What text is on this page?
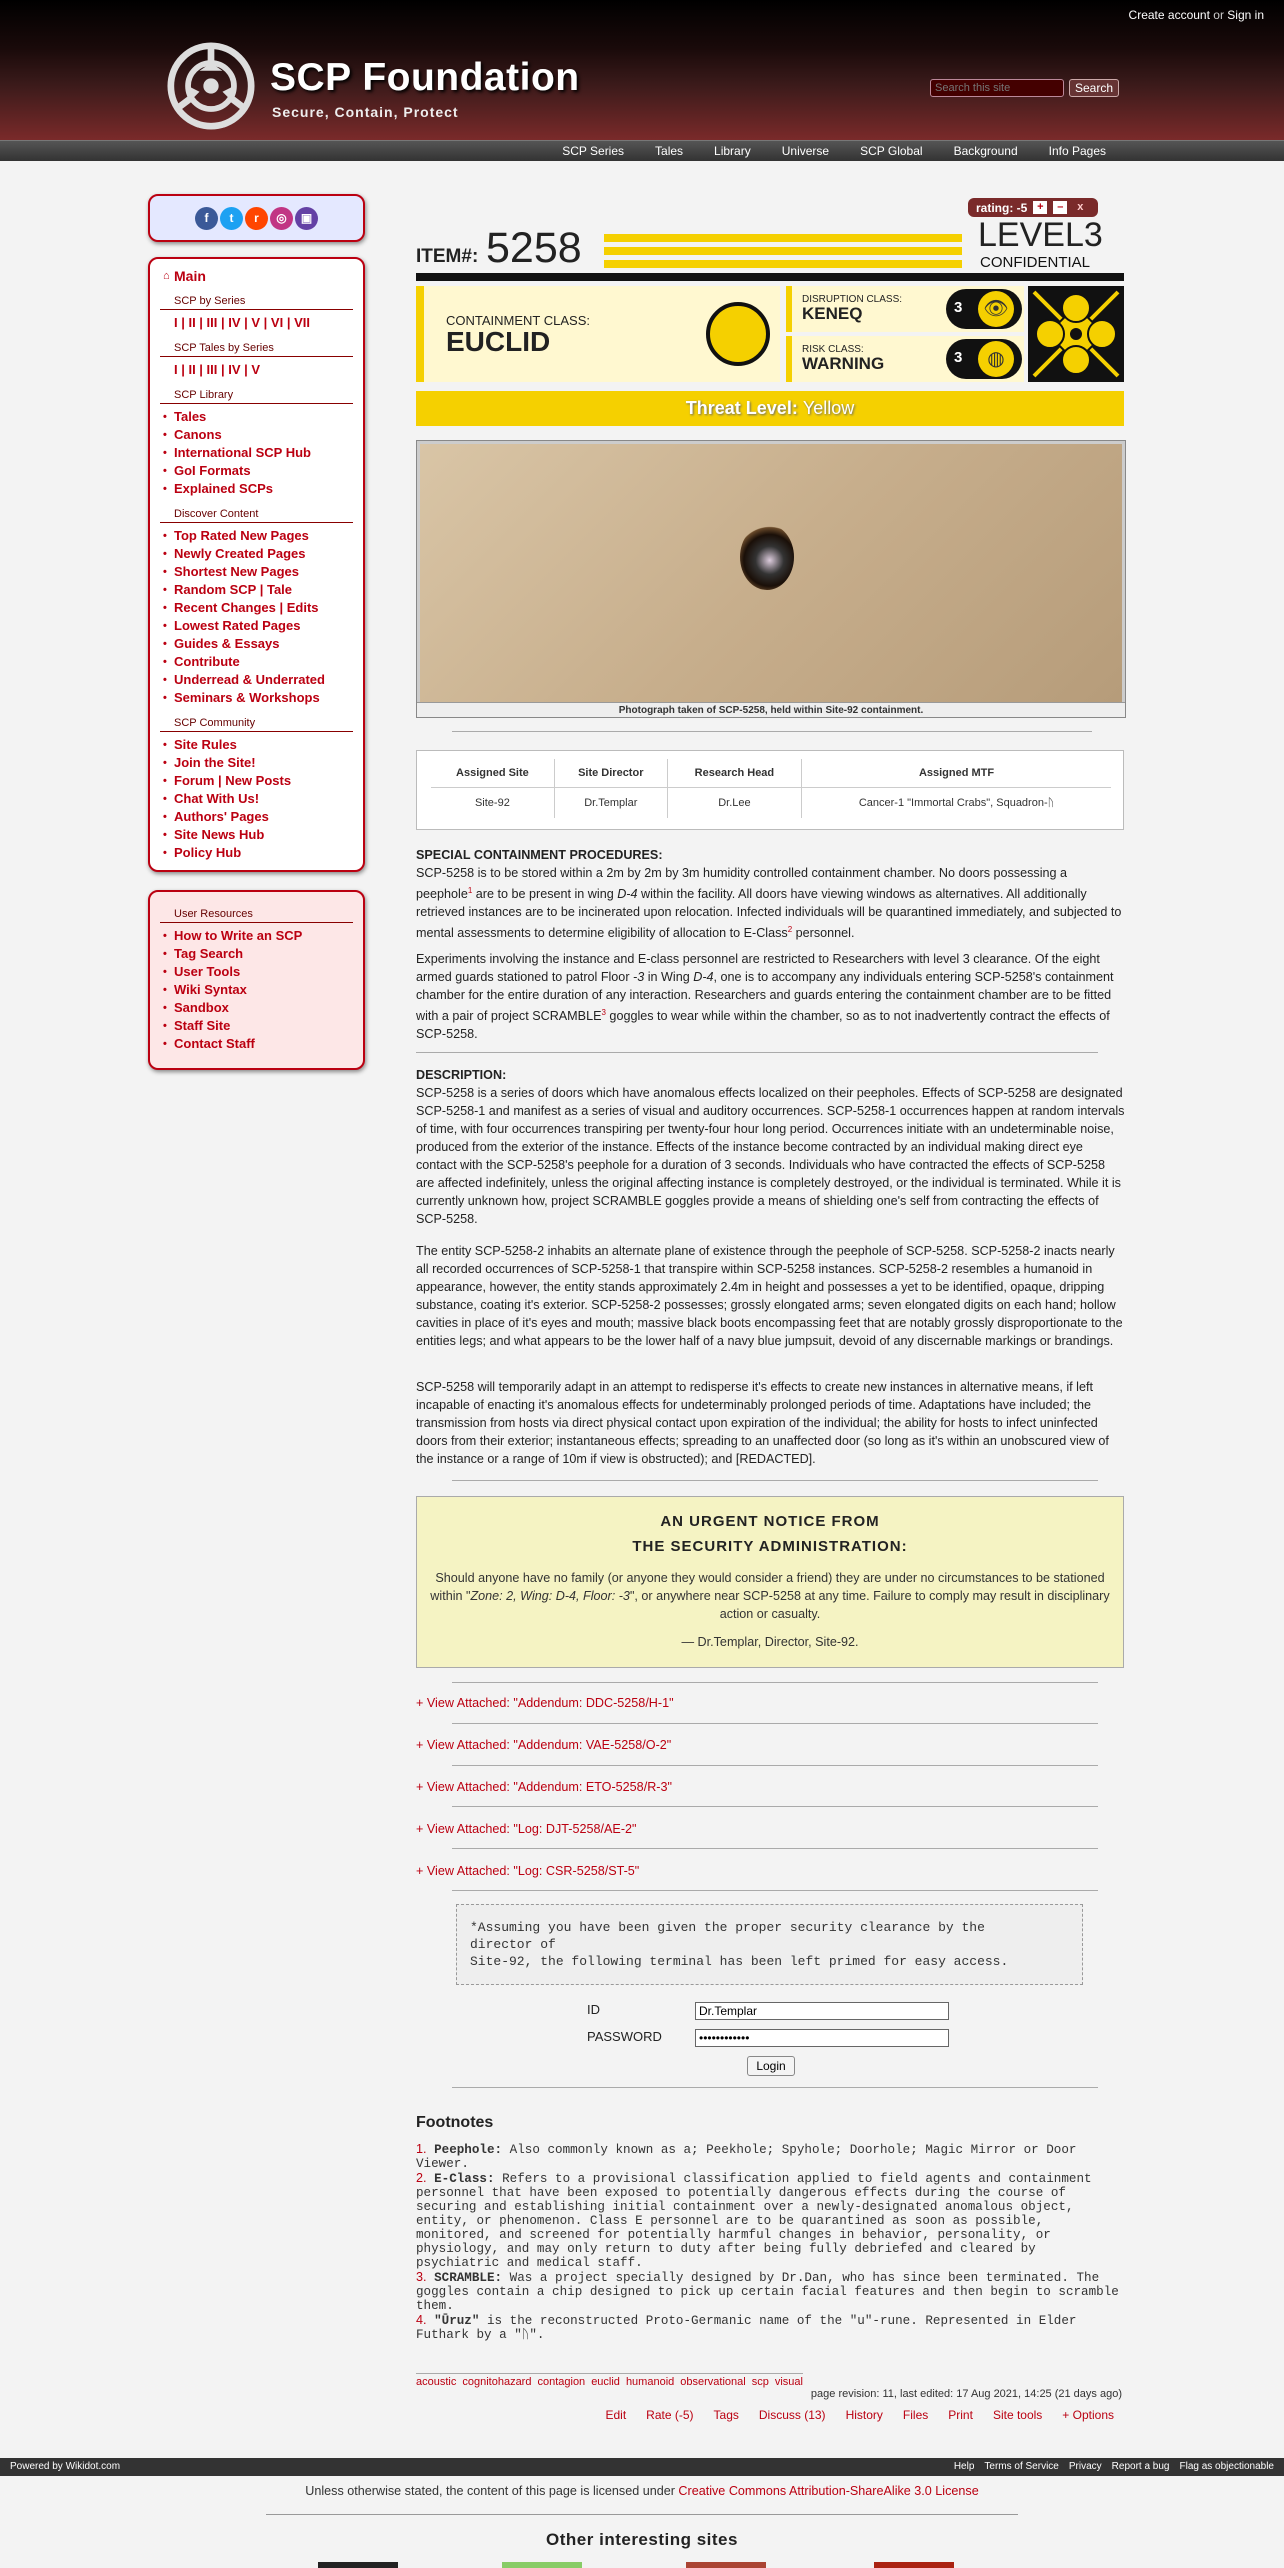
Create account or Sign in
SCP Foundation
Secure, Contain, Protect
Search this site
Search
SCP Series	Tales	Library	Universe	SCP Global	Background	Info Pages
f	t	r	◎	▣
⌂ Main
SCP by Series
I | II | III | IV | V | VI | VII
SCP Tales by Series
I | II | III | IV | V
SCP Library
• Tales
• Canons
• International SCP Hub
• GoI Formats
• Explained SCPs
Discover Content
• Top Rated New Pages
• Newly Created Pages
• Shortest New Pages
• Random SCP | Tale
• Recent Changes | Edits
• Lowest Rated Pages
• Guides & Essays
• Contribute
• Underread & Underrated
• Seminars & Workshops
SCP Community
• Site Rules
• Join the Site!
• Forum | New Posts
• Chat With Us!
• Authors' Pages
• Site News Hub
• Policy Hub
User Resources
• How to Write an SCP
• Tag Search
• User Tools
• Wiki Syntax
• Sandbox
• Staff Site
• Contact Staff
rating: -5 +	–	x
ITEM#: 5258	LEVEL3
CONFIDENTIAL
CONTAINMENT CLASS:
EUCLID
DISRUPTION CLASS:
KENEQ	3 👁
RISK CLASS:
WARNING	3	◍
Threat Level: Yellow
Photograph taken of SCP-5258, held within Site-92 containment.
Assigned Site	Site Director	Research Head	Assigned MTF
Site-92	Dr.Templar	Dr.Lee	Cancer-1 "Immortal Crabs", Squadron-ᚢ
SPECIAL CONTAINMENT PROCEDURES:
SCP-5258 is to be stored within a 2m by 2m by 3m humidity controlled containment chamber. No doors possessing a peephole$^1$ are to be present in wing D-4 within the facility. All doors have viewing windows as alternatives. All additionally retrieved instances are to be incinerated upon relocation. Infected individuals will be quarantined immediately, and subjected to mental assessments to determine eligibility of allocation to E-Class$^2$ personnel.
Experiments involving the instance and E-class personnel are restricted to Researchers with level 3 clearance. Of the eight armed guards stationed to patrol Floor -3 in Wing D-4, one is to accompany any individuals entering SCP-5258's containment chamber for the entire duration of any interaction. Researchers and guards entering the containment chamber are to be fitted with a pair of project SCRAMBLE$^3$ goggles to wear while within the chamber, so as to not inadvertently contract the effects of SCP-5258.
DESCRIPTION:
SCP-5258 is a series of doors which have anomalous effects localized on their peepholes. Effects of SCP-5258 are designated SCP-5258-1 and manifest as a series of visual and auditory occurrences. SCP-5258-1 occurrences happen at random intervals of time, with four occurrences transpiring per twenty-four hour long period. Occurrences initiate with an undeterminable noise, produced from the exterior of the instance. Effects of the instance become contracted by an individual making direct eye contact with the SCP-5258's peephole for a duration of 3 seconds. Individuals who have contracted the effects of SCP-5258 are affected indefinitely, unless the original affecting instance is completely destroyed, or the individual is terminated. While it is currently unknown how, project SCRAMBLE goggles provide a means of shielding one's self from contracting the effects of SCP-5258.
The entity SCP-5258-2 inhabits an alternate plane of existence through the peephole of SCP-5258. SCP-5258-2 inacts nearly all recorded occurrences of SCP-5258-1 that transpire within SCP-5258 instances. SCP-5258-2 resembles a humanoid in appearance, however, the entity stands approximately 2.4m in height and possesses a yet to be identified, opaque, dripping substance, coating it's exterior. SCP-5258-2 possesses; grossly elongated arms; seven elongated digits on each hand; hollow cavities in place of it's eyes and mouth; massive black boots encompassing feet that are notably grossly disproportionate to the entities legs; and what appears to be the lower half of a navy blue jumpsuit, devoid of any discernable markings or brandings.
SCP-5258 will temporarily adapt in an attempt to redisperse it's effects to create new instances in alternative means, if left incapable of enacting it's anomalous effects for undeterminably prolonged periods of time. Adaptations have included; the transmission from hosts via direct physical contact upon expiration of the individual; the ability for hosts to infect uninfected doors from their exterior; instantaneous effects; spreading to an unaffected door (so long as it's within an unobscured view of the instance or a range of 10m if view is obstructed); and [REDACTED].
AN URGENT NOTICE FROM
THE SECURITY ADMINISTRATION:

Should anyone have no family (or anyone they would consider a friend) they are under no circumstances to be stationed within "Zone: 2, Wing: D-4, Floor: -3", or anywhere near SCP-5258 at any time. Failure to comply may result in disciplinary action or casualty.

— Dr.Templar, Director, Site-92.

+ View Attached: "Addendum: DDC-5258/H-1"
+ View Attached: "Addendum: VAE-5258/O-2"
+ View Attached: "Addendum: ETO-5258/R-3"
+ View Attached: "Log: DJT-5258/AE-2"
+ View Attached: "Log: CSR-5258/ST-5"
*Assuming you have been given the proper security clearance by the
director of
Site-92, the following terminal has been left primed for easy access.
ID
Dr.Templar
PASSWORD
••••••••••••
Login
Footnotes
1. Peephole: Also commonly known as a; Peekhole; Spyhole; Doorhole; Magic Mirror or Door Viewer.
2. E-Class: Refers to a provisional classification applied to field agents and containment personnel that have been exposed to potentially dangerous effects during the course of securing and establishing initial containment over a newly-designated anomalous object, entity, or phenomenon. Class E personnel are to be quarantined as soon as possible, monitored, and screened for potentially harmful changes in behavior, personality, or physiology, and may only return to duty after being fully debriefed and cleared by psychiatric and medical staff.
3. SCRAMBLE: Was a project specially designed by Dr.Dan, who has since been terminated. The goggles contain a chip designed to pick up certain facial features and then begin to scramble them.
4. "Ūruz" is the reconstructed Proto-Germanic name of the "u"-rune. Represented in Elder Futhark by a "ᚢ".
acoustic cognitohazard contagion euclid humanoid observational scp visual
page revision: 11, last edited: 17 Aug 2021, 14:25 (21 days ago)
Edit Rate (-5) Tags Discuss (13) History Files Print Site tools + Options
Powered by Wikidot.com	Help Terms of Service Privacy Report a bug Flag as objectionable
Unless otherwise stated, the content of this page is licensed under Creative Commons Attribution-ShareAlike 3.0 License
Other interesting sites
